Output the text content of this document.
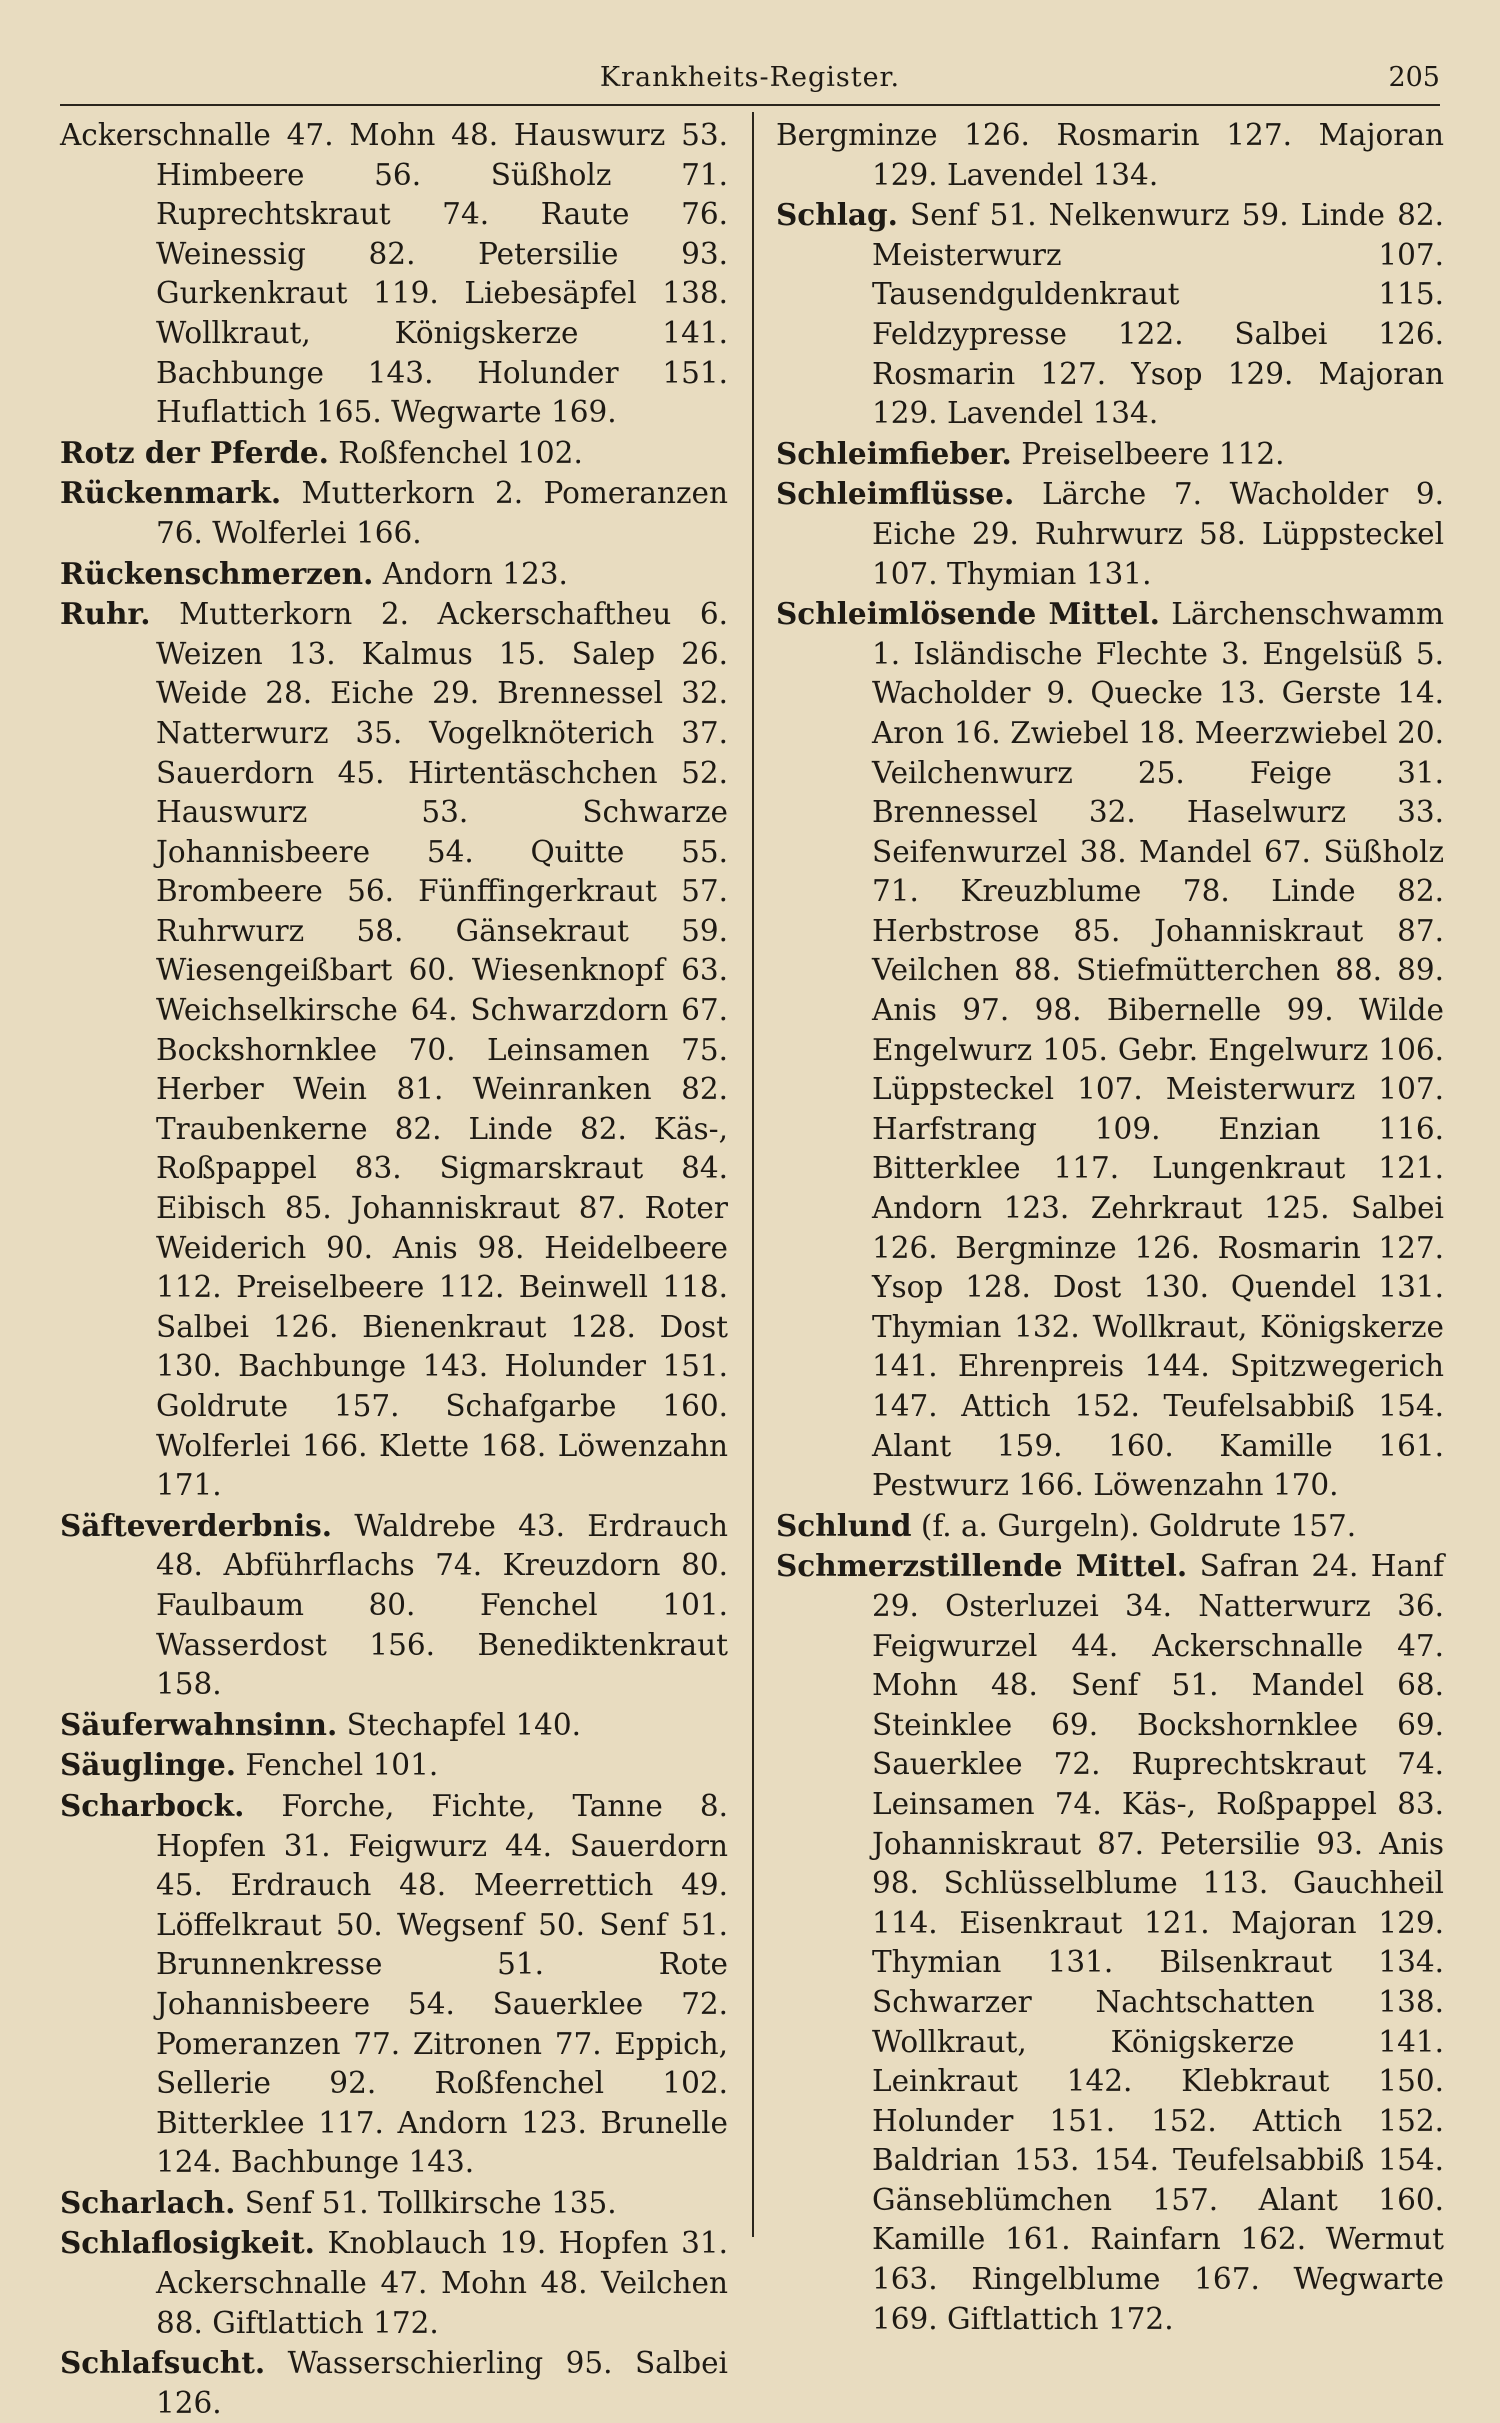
Krankheits-Register.	205

Ackerschnalle 47. Mohn 48. Hauswurz 53. Himbeere 56. Süßholz 71. Ruprechtskraut 74. Raute 76. Weinessig 82. Petersilie 93. Gurkenkraut 119. Liebesäpfel 138. Wollkraut, Königskerze 141. Bachbunge 143. Holunder 151. Huflattich 165. Wegwarte 169.

Rotz der Pferde. Roßfenchel 102.

Rückenmark. Mutterkorn 2. Pomeranzen 76. Wolferlei 166.

Rückenschmerzen. Andorn 123.

Ruhr. Mutterkorn 2. Ackerschaftheu 6. Weizen 13. Kalmus 15. Salep 26. Weide 28. Eiche 29. Brennessel 32. Natterwurz 35. Vogelknöterich 37. Sauerdorn 45. Hirtentäschchen 52. Hauswurz 53. Schwarze Johannisbeere 54. Quitte 55. Brombeere 56. Fünffingerkraut 57. Ruhrwurz 58. Gänsekraut 59. Wiesengeißbart 60. Wiesenknopf 63. Weichselkirsche 64. Schwarzdorn 67. Bockshornklee 70. Leinsamen 75. Herber Wein 81. Weinranken 82. Traubenkerne 82. Linde 82. Käs-, Roßpappel 83. Sigmarskraut 84. Eibisch 85. Johanniskraut 87. Roter Weiderich 90. Anis 98. Heidelbeere 112. Preiselbeere 112. Beinwell 118. Salbei 126. Bienenkraut 128. Dost 130. Bachbunge 143. Holunder 151. Goldrute 157. Schafgarbe 160. Wolferlei 166. Klette 168. Löwenzahn 171.

Säfteverderbnis. Waldrebe 43. Erdrauch 48. Abführflachs 74. Kreuzdorn 80. Faulbaum 80. Fenchel 101. Wasserdost 156. Benediktenkraut 158.

Säuferwahnsinn. Stechapfel 140.

Säuglinge. Fenchel 101.

Scharbock. Forche, Fichte, Tanne 8. Hopfen 31. Feigwurz 44. Sauerdorn 45. Erdrauch 48. Meerrettich 49. Löffelkraut 50. Wegsenf 50. Senf 51. Brunnenkresse 51. Rote Johannisbeere 54. Sauerklee 72. Pomeranzen 77. Zitronen 77. Eppich, Sellerie 92. Roßfenchel 102. Bitterklee 117. Andorn 123. Brunelle 124. Bachbunge 143.

Scharlach. Senf 51. Tollkirsche 135.

Schlaflosigkeit. Knoblauch 19. Hopfen 31. Ackerschnalle 47. Mohn 48. Veilchen 88. Giftlattich 172.

Schlafsucht. Wasserschierling 95. Salbei 126.

Bergminze 126. Rosmarin 127. Majoran 129. Lavendel 134.

Schlag. Senf 51. Nelkenwurz 59. Linde 82. Meisterwurz 107. Tausendguldenkraut 115. Feldzypresse 122. Salbei 126. Rosmarin 127. Ysop 129. Majoran 129. Lavendel 134.

Schleimfieber. Preiselbeere 112.

Schleimflüsse. Lärche 7. Wacholder 9. Eiche 29. Ruhrwurz 58. Lüppsteckel 107. Thymian 131.

Schleimlösende Mittel. Lärchenschwamm 1. Isländische Flechte 3. Engelsüß 5. Wacholder 9. Quecke 13. Gerste 14. Aron 16. Zwiebel 18. Meerzwiebel 20. Veilchenwurz 25. Feige 31. Brennessel 32. Haselwurz 33. Seifenwurzel 38. Mandel 67. Süßholz 71. Kreuzblume 78. Linde 82. Herbstrose 85. Johanniskraut 87. Veilchen 88. Stiefmütterchen 88. 89. Anis 97. 98. Bibernelle 99. Wilde Engelwurz 105. Gebr. Engelwurz 106. Lüppsteckel 107. Meisterwurz 107. Harfstrang 109. Enzian 116. Bitterklee 117. Lungenkraut 121. Andorn 123. Zehrkraut 125. Salbei 126. Bergminze 126. Rosmarin 127. Ysop 128. Dost 130. Quendel 131. Thymian 132. Wollkraut, Königskerze 141. Ehrenpreis 144. Spitzwegerich 147. Attich 152. Teufelsabbiß 154. Alant 159. 160. Kamille 161. Pestwurz 166. Löwenzahn 170.

Schlund (f. a. Gurgeln). Goldrute 157.

Schmerzstillende Mittel. Safran 24. Hanf 29. Osterluzei 34. Natterwurz 36. Feigwurzel 44. Ackerschnalle 47. Mohn 48. Senf 51. Mandel 68. Steinklee 69. Bockshornklee 69. Sauerklee 72. Ruprechtskraut 74. Leinsamen 74. Käs-, Roßpappel 83. Johanniskraut 87. Petersilie 93. Anis 98. Schlüsselblume 113. Gauchheil 114. Eisenkraut 121. Majoran 129. Thymian 131. Bilsenkraut 134. Schwarzer Nachtschatten 138. Wollkraut, Königskerze 141. Leinkraut 142. Klebkraut 150. Holunder 151. 152. Attich 152. Baldrian 153. 154. Teufelsabbiß 154. Gänseblümchen 157. Alant 160. Kamille 161. Rainfarn 162. Wermut 163. Ringelblume 167. Wegwarte 169. Giftlattich 172.
